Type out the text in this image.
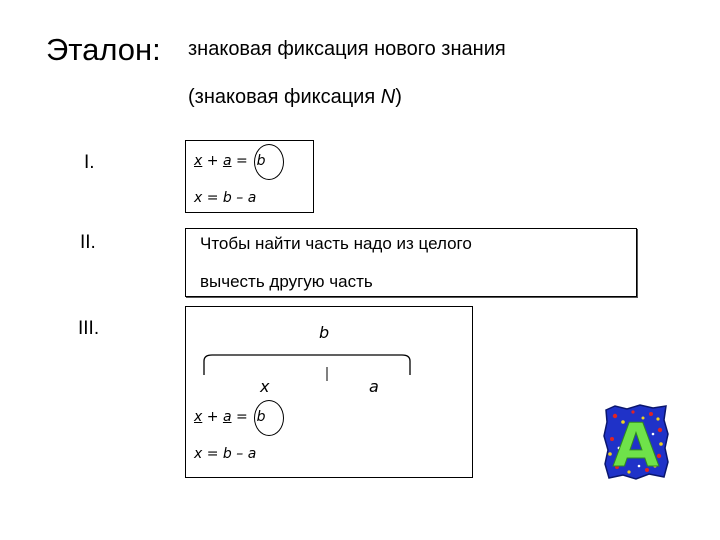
Эталон: знаковая фиксация нового знания
(знаковая фиксация N)
I.
II.
III.
x + a =  b
x = b – a
Чтобы найти часть надо из целого
вычесть другую часть
b
x	a
x + a =  b
x = b – a	A
